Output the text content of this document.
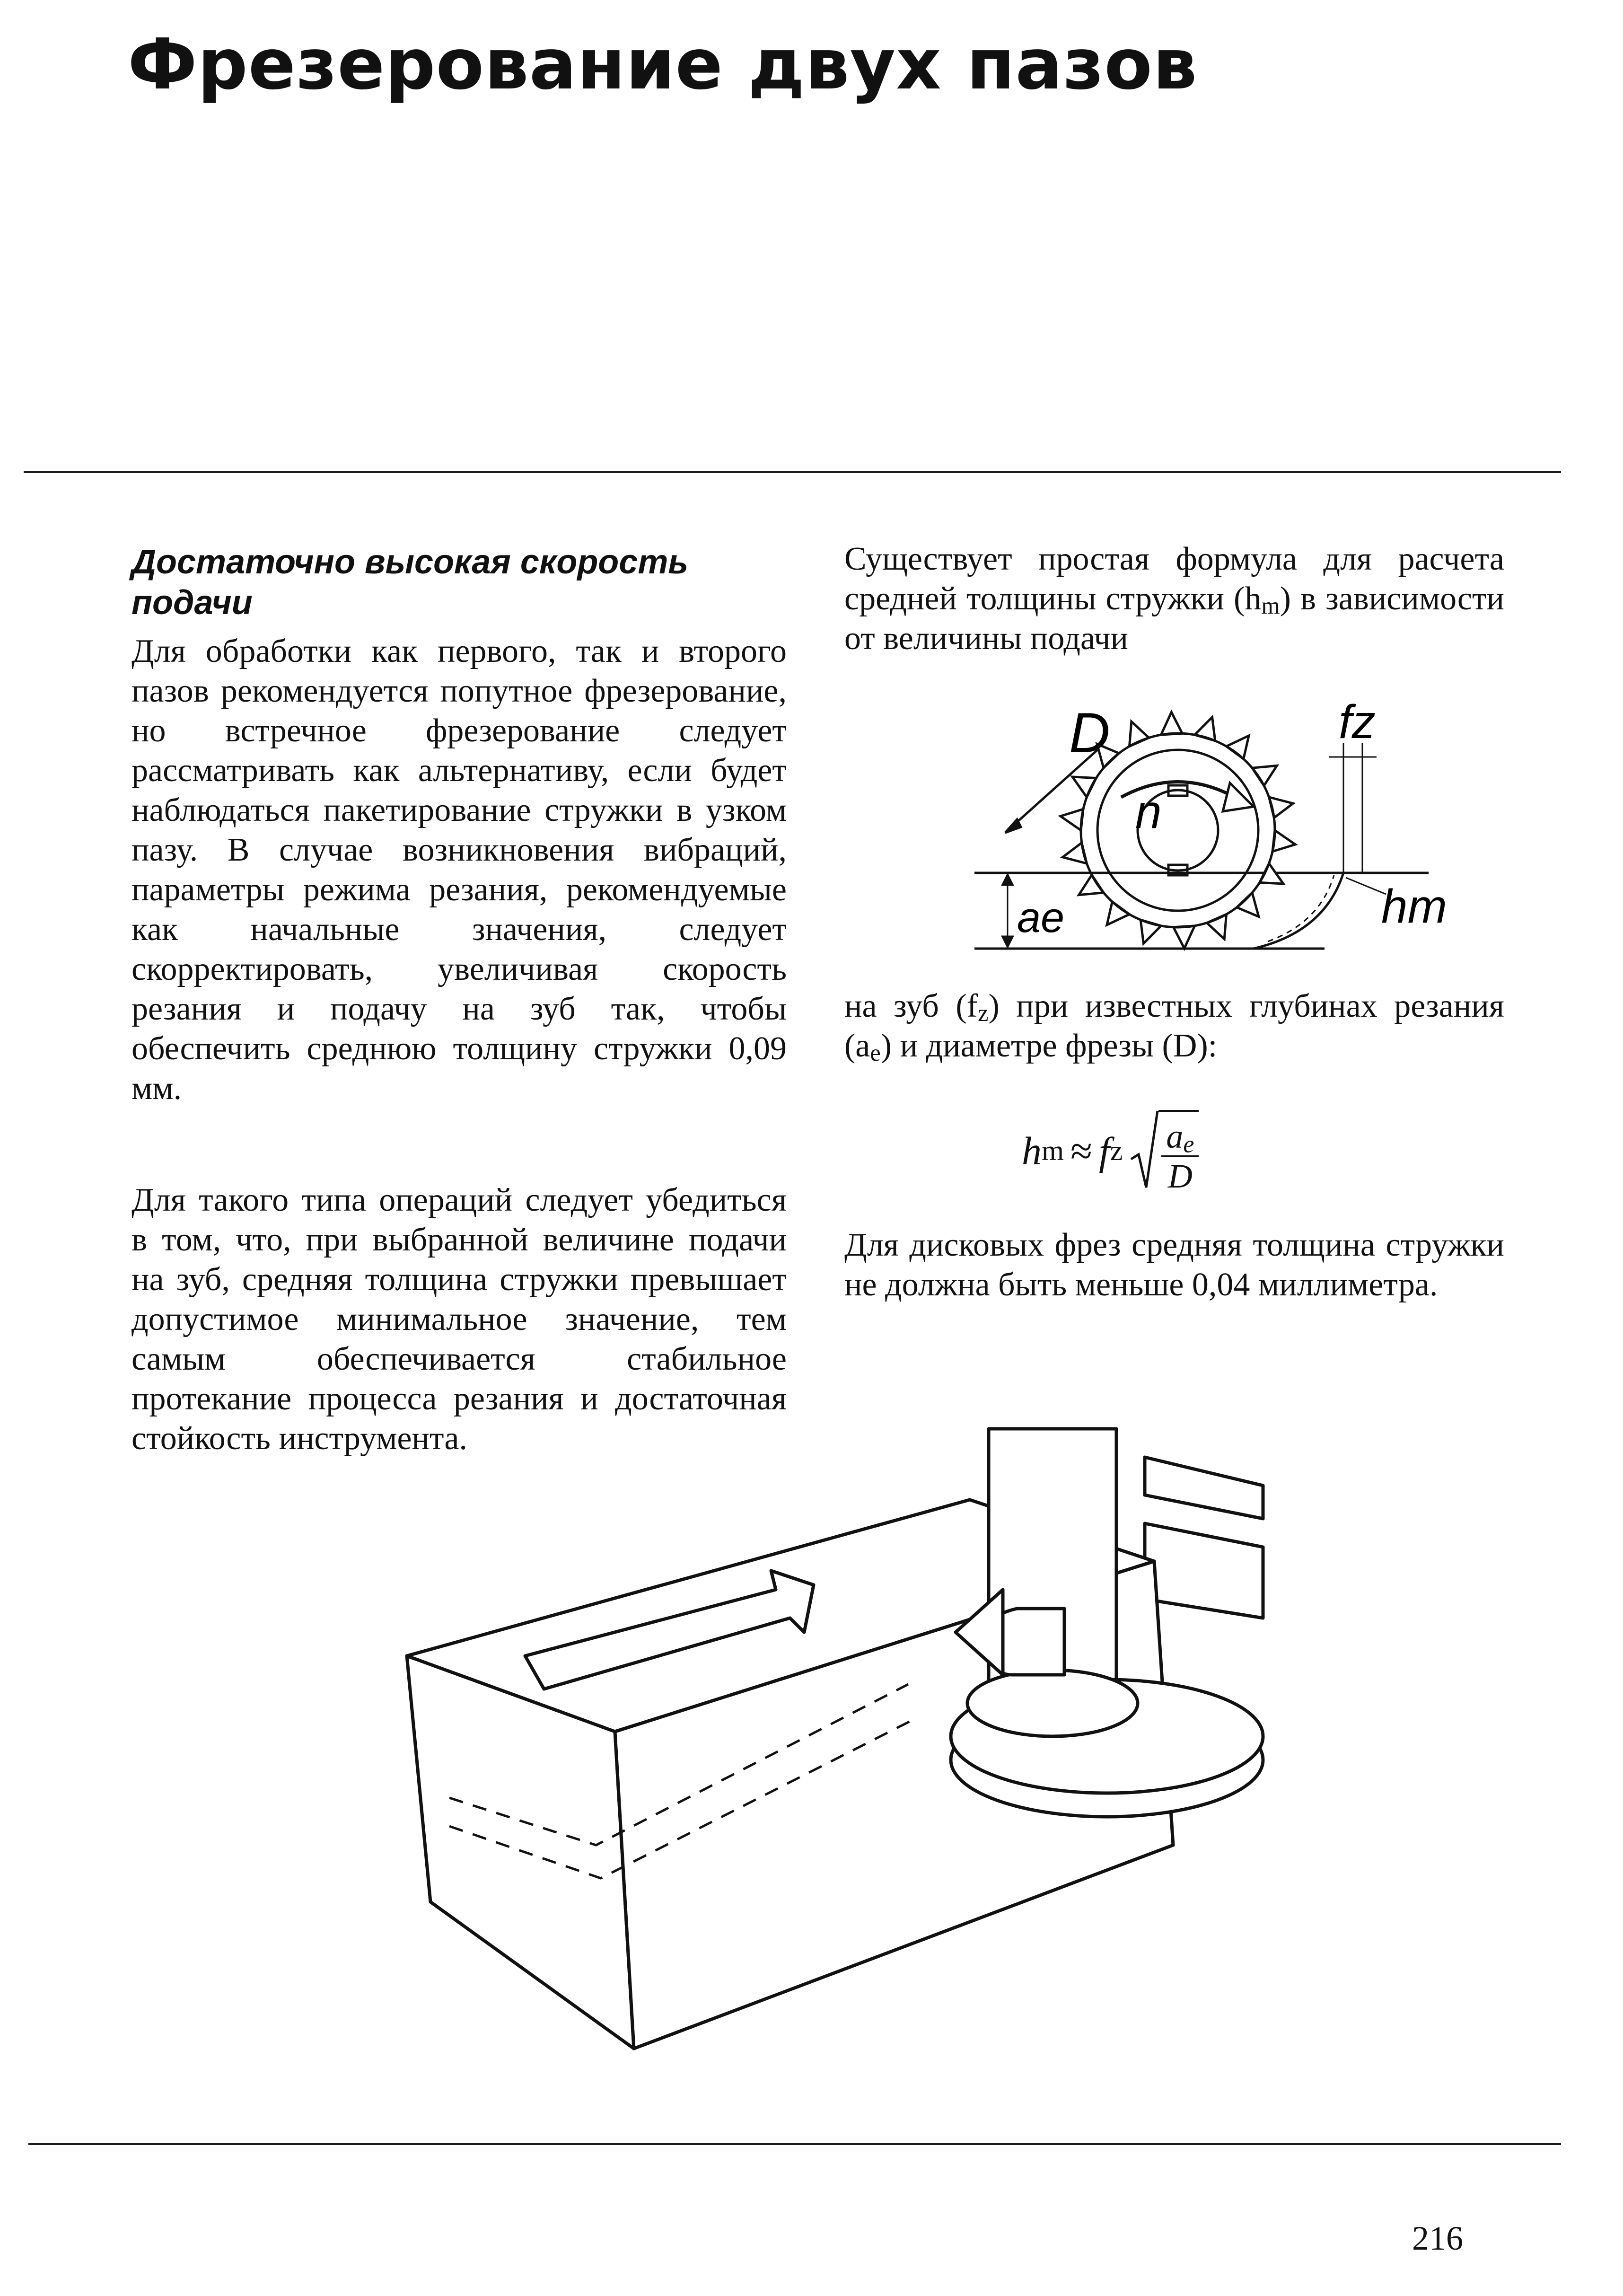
Фрезерование двух пазов
Достаточно высокая скорость подачи
Для обработки как первого, так и второго пазов рекомендуется попутное фрезерование, но встречное фрезерование следует рассматривать как альтернативу, если будет наблюдаться пакетирование стружки в узком пазу. В случае возникновения вибраций, параметры режима резания, рекомендуемые как начальные значения, следует скорректировать, увеличивая скорость резания и подачу на зуб так, чтобы обеспечить среднюю толщину стружки 0,09 мм.
Для такого типа операций следует убедиться в том, что, при выбранной величине подачи на зуб, средняя толщина стружки превышает допустимое минимальное значение, тем самым обеспечивается стабильное протекание процесса резания и достаточная стойкость инструмента.
Существует простая формула для расчета средней толщины стружки $(h_m)$ в зависимости от величины подачи
на зуб $(f_z)$ при известных глубинах резания $(a_e)$ и диаметре фрезы (D):
h m ≈ f z $\frac{a_e}{D}$
Для дисковых фрез средняя толщина стружки не должна быть меньше 0,04 миллиметра.
D
n
fz
ae	hm
216
